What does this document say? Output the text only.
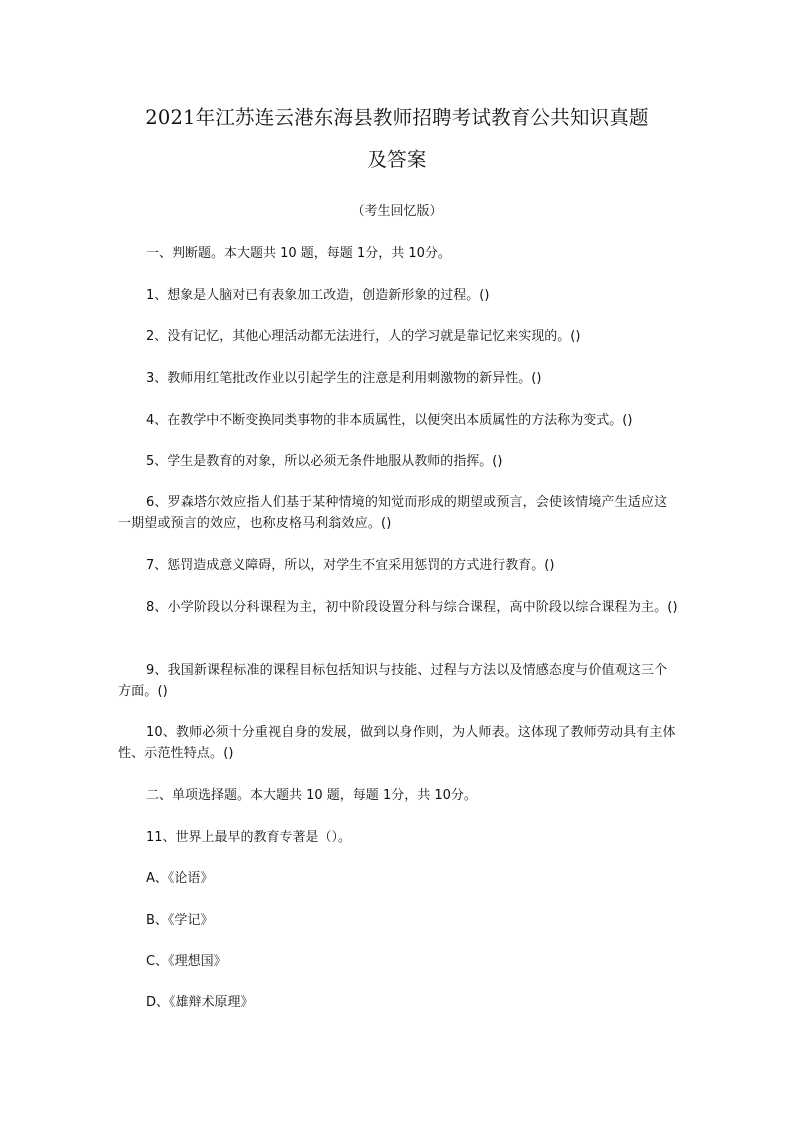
2021年江苏连云港东海县教师招聘考试教育公共知识真题
及答案

（考生回忆版）

一、判断题。本大题共 10 题，每题 1分，共 10分。

1、想象是人脑对已有表象加工改造，创造新形象的过程。()

2、没有记忆，其他心理活动都无法进行，人的学习就是靠记忆来实现的。()

3、教师用红笔批改作业以引起学生的注意是利用刺激物的新异性。()

4、在教学中不断变换同类事物的非本质属性，以便突出本质属性的方法称为变式。()

5、学生是教育的对象，所以必须无条件地服从教师的指挥。()

6、罗森塔尔效应指人们基于某种情境的知觉而形成的期望或预言，会使该情境产生适应这一期望或预言的效应，也称皮格马利翁效应。()

7、惩罚造成意义障碍，所以，对学生不宜采用惩罚的方式进行教育。()

8、小学阶段以分科课程为主，初中阶段设置分科与综合课程，高中阶段以综合课程为主。()

9、我国新课程标准的课程目标包括知识与技能、过程与方法以及情感态度与价值观这三个方面。()

10、教师必须十分重视自身的发展，做到以身作则，为人师表。这体现了教师劳动具有主体性、示范性特点。()

二、单项选择题。本大题共 10 题，每题 1分，共 10分。

11、世界上最早的教育专著是（）。

A、《论语》

B、《学记》

C、《理想国》

D、《雄辩术原理》
